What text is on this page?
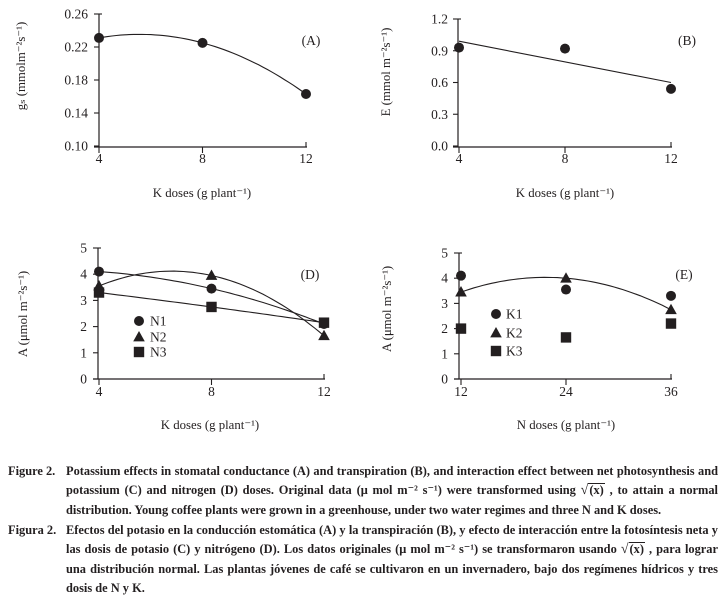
0.26
0.22
0.18
0.14
0.10
4	8	12
K doses (g plant⁻¹)
gₛ (mmolm⁻²s⁻¹)	(A)
1.2
0.9
0.6
0.3
0.0
4	8	12
K doses (g plant⁻¹)
E (mmol m⁻²s⁻¹)	(B)
5
4
3
2
1
0
4	8	12
N1
N2
N3
K doses (g plant⁻¹)
A (μmol m⁻²s⁻¹)	(D)
5
4
3
2
1
0
12	24	36
K1
K2
K3
N doses (g plant⁻¹)
A (μmol m⁻²s⁻¹)	(E)

Figure 2. Potassium effects in stomatal conductance (A) and transpiration (B), and interaction effect between net photosynthesis and potassium (C) and nitrogen (D) doses. Original data (μ mol m⁻² s⁻¹) were transformed using √(x) , to attain a normal distribution. Young coffee plants were grown in a greenhouse, under two water regimes and three N and K doses.

Figura 2. Efectos del potasio en la conducción estomática (A) y la transpiración (B), y efecto de interacción entre la fotosíntesis neta y las dosis de potasio (C) y nitrógeno (D). Los datos originales (μ mol m⁻² s⁻¹) se transformaron usando √(x) , para lograr una distribución normal. Las plantas jóvenes de café se cultivaron en un invernadero, bajo dos regímenes hídricos y tres dosis de N y K.
